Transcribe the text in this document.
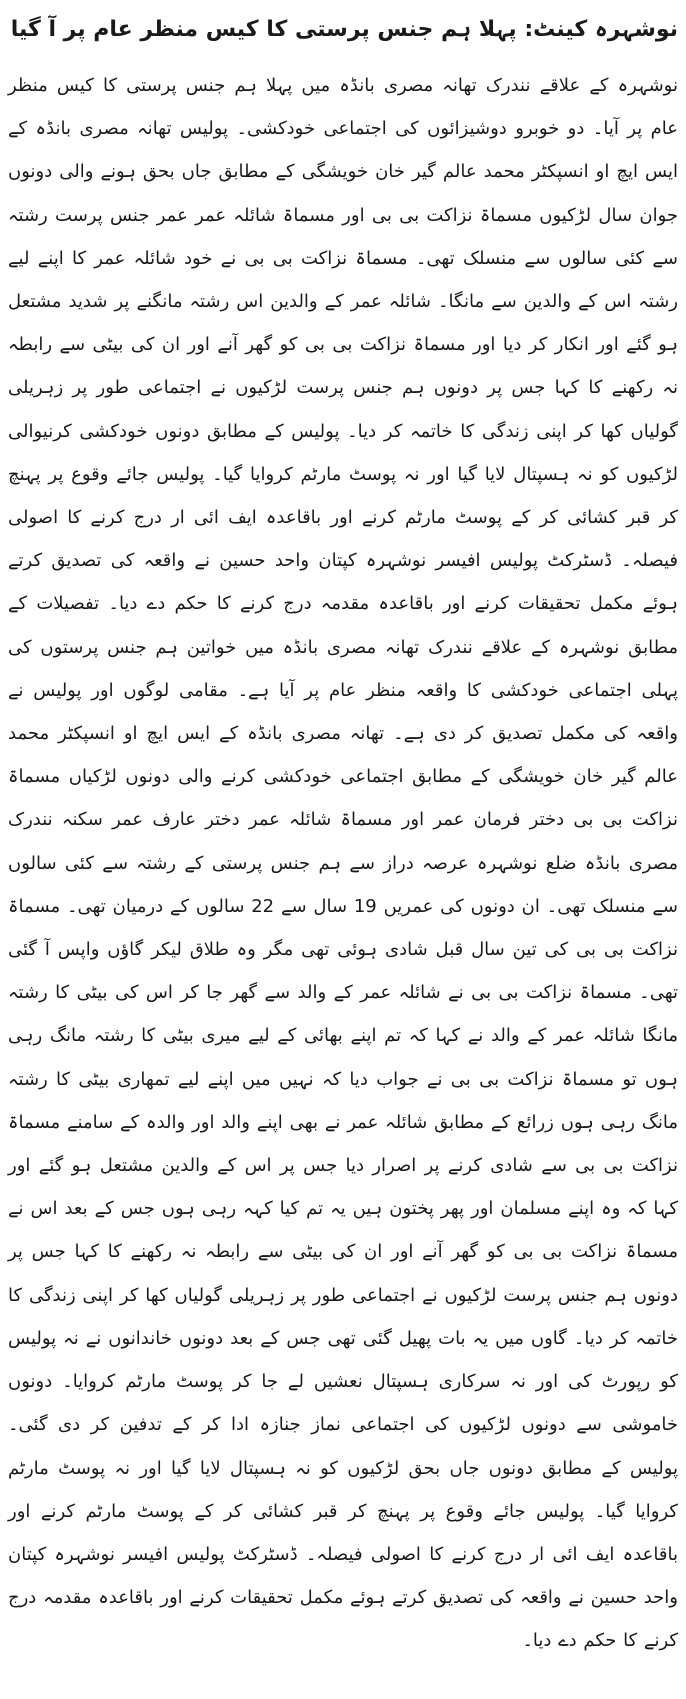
نوشہرہ کینٹ: پہلا ہم جنس پرستی کا کیس منظر عام پر آ گیا

نوشہرہ کے علاقے نندرک تھانہ مصری بانڈہ میں پہلا ہم جنس پرستی کا کیس منظر عام پر آیا۔ دو خوبرو دوشیزائوں کی اجتماعی خودکشی۔ پولیس تھانہ مصری بانڈہ کے ایس ایچ او انسپکٹر محمد عالم گیر خان خویشگی کے مطابق جاں بحق ہونے والی دونوں جوان سال لڑکیوں مسماۃ نزاکت بی بی اور مسماۃ شائلہ عمر عمر جنس پرست رشتہ سے کئی سالوں سے منسلک تھی۔ مسماۃ نزاکت بی بی نے خود شائلہ عمر کا اپنے لیے رشتہ اس کے والدین سے مانگا۔ شائلہ عمر کے والدین اس رشتہ مانگنے پر شدید مشتعل ہو گئے اور انکار کر دیا اور مسماۃ نزاکت بی بی کو گھر آنے اور ان کی بیٹی سے رابطہ نہ رکھنے کا کہا جس پر دونوں ہم جنس پرست لڑکیوں نے اجتماعی طور پر زہریلی گولیاں کھا کر اپنی زندگی کا خاتمہ کر دیا۔ پولیس کے مطابق دونوں خودکشی کرنیوالی لڑکیوں کو نہ ہسپتال لایا گیا اور نہ پوسٹ مارٹم کروایا گیا۔ پولیس جائے وقوع پر پہنچ کر قبر کشائی کر کے پوسٹ مارٹم کرنے اور باقاعدہ ایف ائی ار درج کرنے کا اصولی فیصلہ۔ ڈسٹرکٹ پولیس افیسر نوشہرہ کپتان واحد حسین نے واقعہ کی تصدیق کرتے ہوئے مکمل تحقیقات کرنے اور باقاعدہ مقدمہ درج کرنے کا حکم دے دیا۔ تفصیلات کے مطابق نوشہرہ کے علاقے نندرک تھانہ مصری بانڈہ میں خواتین ہم جنس پرستوں کی پہلی اجتماعی خودکشی کا واقعہ منظر عام پر آیا ہے۔ مقامی لوگوں اور پولیس نے واقعہ کی مکمل تصدیق کر دی ہے۔ تھانہ مصری بانڈہ کے ایس ایچ او انسپکٹر محمد عالم گیر خان خویشگی کے مطابق اجتماعی خودکشی کرنے والی دونوں لڑکیاں مسماۃ نزاکت بی بی دختر فرمان عمر اور مسماۃ شائلہ عمر دختر عارف عمر سکنہ نندرک مصری بانڈہ ضلع نوشہرہ عرصہ دراز سے ہم جنس پرستی کے رشتہ سے کئی سالوں سے منسلک تھی۔ ان دونوں کی عمریں 19 سال سے 22 سالوں کے درمیان تھی۔ مسماۃ نزاکت بی بی کی تین سال قبل شادی ہوئی تھی مگر وہ طلاق لیکر گاؤں واپس آ گئی تھی۔ مسماۃ نزاکت بی بی نے شائلہ عمر کے والد سے گھر جا کر اس کی بیٹی کا رشتہ مانگا شائلہ عمر کے والد نے کہا کہ تم اپنے بھائی کے لیے میری بیٹی کا رشتہ مانگ رہی ہوں تو مسماۃ نزاکت بی بی نے جواب دیا کہ نہیں میں اپنے لیے تمھاری بیٹی کا رشتہ مانگ رہی ہوں زرائع کے مطابق شائلہ عمر نے بھی اپنے والد اور والدہ کے سامنے مسماۃ نزاکت بی بی سے شادی کرنے پر اصرار دیا جس پر اس کے والدین مشتعل ہو گئے اور کہا کہ وہ اپنے مسلمان اور پھر پختون ہیں یہ تم کیا کہہ رہی ہوں جس کے بعد اس نے مسماۃ نزاکت بی بی کو گھر آنے اور ان کی بیٹی سے رابطہ نہ رکھنے کا کہا جس پر دونوں ہم جنس پرست لڑکیوں نے اجتماعی طور پر زہریلی گولیاں کھا کر اپنی زندگی کا خاتمہ کر دیا۔ گاوں میں یہ بات پھیل گئی تھی جس کے بعد دونوں خاندانوں نے نہ پولیس کو رپورٹ کی اور نہ سرکاری ہسپتال نعشیں لے جا کر پوسٹ مارٹم کروایا۔ دونوں خاموشی سے دونوں لڑکیوں کی اجتماعی نماز جنازہ ادا کر کے تدفین کر دی گئی۔ پولیس کے مطابق دونوں جاں بحق لڑکیوں کو نہ ہسپتال لایا گیا اور نہ پوسٹ مارٹم کروایا گیا۔ پولیس جائے وقوع پر پہنچ کر قبر کشائی کر کے پوسٹ مارٹم کرنے اور باقاعدہ ایف ائی ار درج کرنے کا اصولی فیصلہ۔ ڈسٹرکٹ پولیس افیسر نوشہرہ کپتان واحد حسین نے واقعہ کی تصدیق کرتے ہوئے مکمل تحقیقات کرنے اور باقاعدہ مقدمہ درج کرنے کا حکم دے دیا۔
